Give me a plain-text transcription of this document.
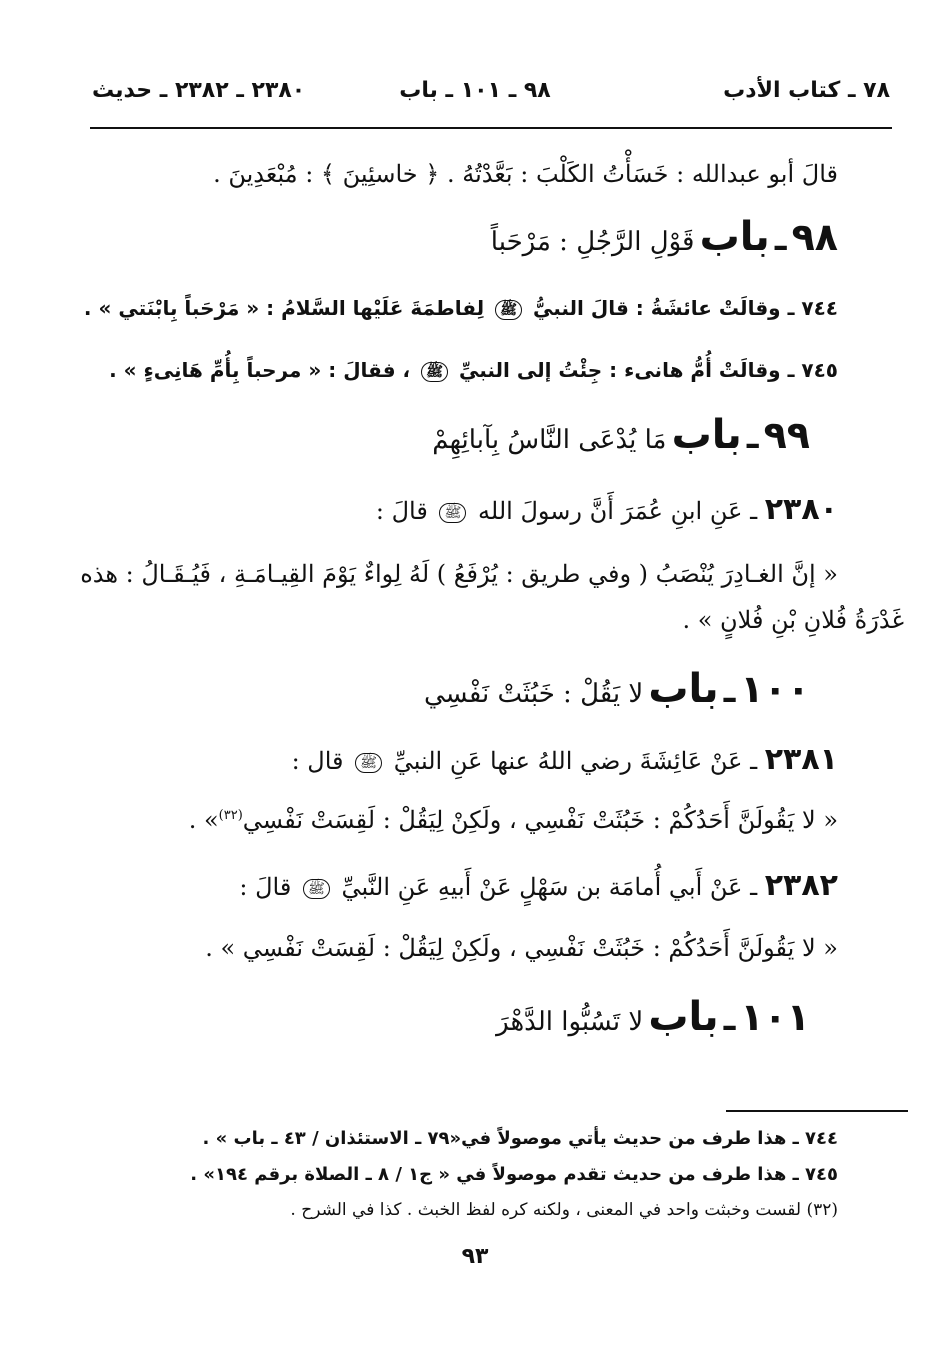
٧٨ ـ كتاب الأدب
٩٨ ـ ١٠١ ـ باب
٢٣٨٠ ـ ٢٣٨٢ ـ حديث
قالَ أبو عبدالله : خَسَأْتُ الكَلْبَ : بَعَّدْتُهُ . ﴿ خاسئِينَ ﴾ : مُبْعَدِينَ .
٩٨ ـ باب قَوْلِ الرَّجُلِ : مَرْحَباً
٧٤٤ ـ وقالَتْ عائشَةُ : قالَ النبيُّ ﷺ لِفاطمَةَ عَلَيْها السَّلامُ : « مَرْحَباً بِابْنَتي » .
٧٤٥ ـ وقالَتْ أُمُّ هانىء : جِئْتُ إلى النبيِّ ﷺ ، فقالَ : « مرحباً بِأُمِّ هَانِىءٍ » .
٩٩ ـ باب مَا يُدْعَى النَّاسُ بِآبائِهِمْ
٢٣٨٠ ـ عَنِ ابنِ عُمَرَ أَنَّ رسولَ الله ﷺ قالَ :
« إنَّ الغـادِرَ يُنْصَبُ ( وفي طريق : يُرْفَعُ ) لَهُ لِواءٌ يَوْمَ القِيـامَـةِ ، فَيُـقَـالُ : هذه
غَدْرَةُ فُلانِ بْنِ فُلانٍ » .
١٠٠ ـ باب لا يَقُلْ : خَبُثَتْ نَفْسِي
٢٣٨١ ـ عَنْ عَائِشَةَ رضي اللهُ عنها عَنِ النبيِّ ﷺ قال :
« لا يَقُولَنَّ أَحَدُكُمْ : خَبُثَتْ نَفْسِي ، ولَكِنْ لِيَقُلْ : لَقِسَتْ نَفْسِي$^{(٣٢)}$» .
٢٣٨٢ ـ عَنْ أَبي أُمامَة بن سَهْلٍ عَنْ أَبيهِ عَنِ النَّبيِّ ﷺ قالَ :
« لا يَقُولَنَّ أَحَدُكُمْ : خَبُثَتْ نَفْسِي ، ولَكِنْ لِيَقُلْ : لَقِسَتْ نَفْسِي » .
١٠١ ـ باب لا تَسُبُّوا الدَّهْرَ
٧٤٤ ـ هذا طرف من حديث يأتي موصولاً في«٧٩ ـ الاستئذان / ٤٣ ـ باب » .
٧٤٥ ـ هذا طرف من حديث تقدم موصولاً في « ج١ / ٨ ـ الصلاة برقم ١٩٤» .
(٣٢) لقست وخبثت واحد في المعنى ، ولكنه كره لفظ الخبث . كذا في الشرح .
٩٣
